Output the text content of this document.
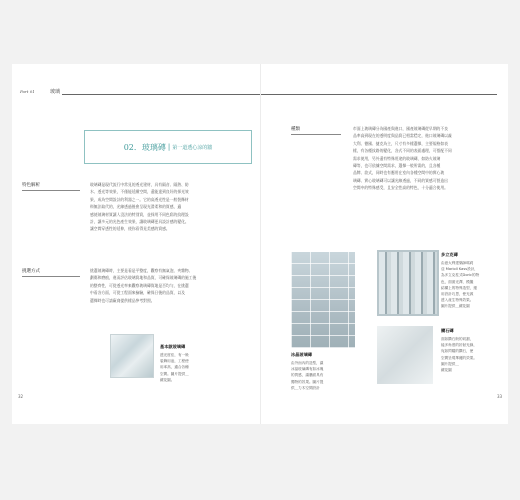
Part 01	玻璃
02．玻璃磚 | 第一道透心涼的牆
特色解析	玻璃磚是現代流行中常見的透光建材，具有隔音、隔熱、防
水、透光等效果，不僅能延續空間，還能達到良好的採光效
果，成為空間設計的利器之一。它的高透光性是一般裝飾材
料無法取代的，光線透過後會呈現光滑柔和的質感，適
感使玻璃材質讓人沒法的特別質，並採用不同色彩的紋理設
計，讓多元的光色產生效果，讓玻璃磚更具設計感的變化。
讓空間穿透性的延伸，使你看得見美感的質感。
挑選方式	挑選玻璃磚時，主要是看是平整度，觀察有無氣泡、夾雜物、
劃傷和磨痕，進而評估玻璃質地和品質，可確保玻璃磚的施工後
的整齊性，可從透光率來觀察玻璃磚質地是否均勻，在挑選
中看各方面，可從工程面來檢驗，確保日後的品質，以及
選擇時也可請廠商提供樣品參考對照。
基本款玻璃磚
透光度佳，有一般
裝飾用途，工程使
用率高，適合各種
空間。圖片提供＿
鏡花園。
32
種類	市面上玻璃磚分為國產與進口，國產玻璃磚從早期的不良
品率高到現在的透明度與品質已相當穩定，進口玻璃磚以義
大利、德國、捷克為主，尺寸有多樣選擇，主要規格如表
樣，有各種紋路的變化，各式不同的表面處理，可搭配不同
需求使用，另外還有特殊用途的玻璃磚，如防火玻璃
磚等，也可依據空間需求，選擇一般所需的，且各種
品牌、款式，同時也有應用在室內各種空間中的實心玻
璃磚、實心玻璃磚可以讓光線透過，不同的質感可營造出
空間中的特殊感受，且安全性高的特色，十分適合使用。
多立克磚
由意大利建築師瑪莉
亞 Marioll Kass設計，
為多立克柱式Doric的特
色，面面光澤，模擬
結構上的特殊造型，運
用設計巧思，使光源
透入產生特殊效果。
圖片提供＿鏡花園
冰晶玻璃磚
由外而內的造型，讓
冰晶玻璃磚有如冰塊
的質感，讓牆面具有
獨特的效果。圖片提
供＿力木空間設計
鑽石磚
面如鑽石般的切割，
能多角度的折射光線，
宛如閃耀的鑽石，使
空間呈現華麗的效果。
圖片提供＿
鏡花園
33
